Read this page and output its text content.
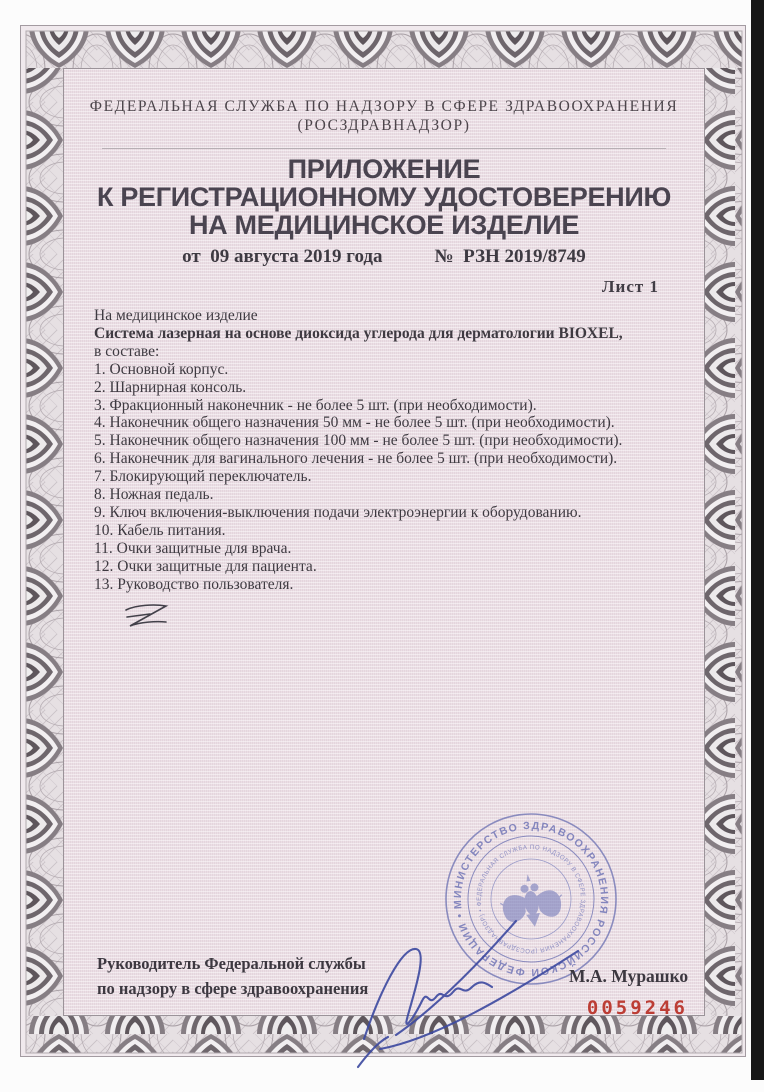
ФЕДЕРАЛЬНАЯ СЛУЖБА ПО НАДЗОРУ В СФЕРЕ ЗДРАВООХРАНЕНИЯ
(РОСЗДРАВНАДЗОР)
ПРИЛОЖЕНИЕ
К РЕГИСТРАЦИОННОМУ УДОСТОВЕРЕНИЮ
НА МЕДИЦИНСКОЕ ИЗДЕЛИЕ
от  09 августа 2019 года	№  РЗН 2019/8749
Лист 1
На медицинское изделие
Система лазерная на основе диоксида углерода для дерматологии BIOXEL,
в составе:
1. Основной корпус.
2. Шарнирная консоль.
3. Фракционный наконечник - не более 5 шт. (при необходимости).
4. Наконечник общего назначения 50 мм - не более 5 шт. (при необходимости).
5. Наконечник общего назначения 100 мм - не более 5 шт. (при необходимости).
6. Наконечник для вагинального лечения - не более 5 шт. (при необходимости).
7. Блокирующий переключатель.
8. Ножная педаль.
9. Ключ включения-выключения подачи электроэнергии к оборудованию.
10. Кабель питания.
11. Очки защитные для врача.
12. Очки защитные для пациента.
13. Руководство пользователя.
Руководитель Федеральной службы
по надзору в сфере здравоохранения
МИНИСТЕРСТВО ЗДРАВООХРАНЕНИЯ РОССИЙСКОЙ ФЕДЕРАЦИИ •
ФЕДЕРАЛЬНАЯ СЛУЖБА ПО НАДЗОРУ В СФЕРЕ ЗДРАВООХРАНЕНИЯ (РОСЗДРАВНАДЗОР) •
М.А. Мурашко
0059246
